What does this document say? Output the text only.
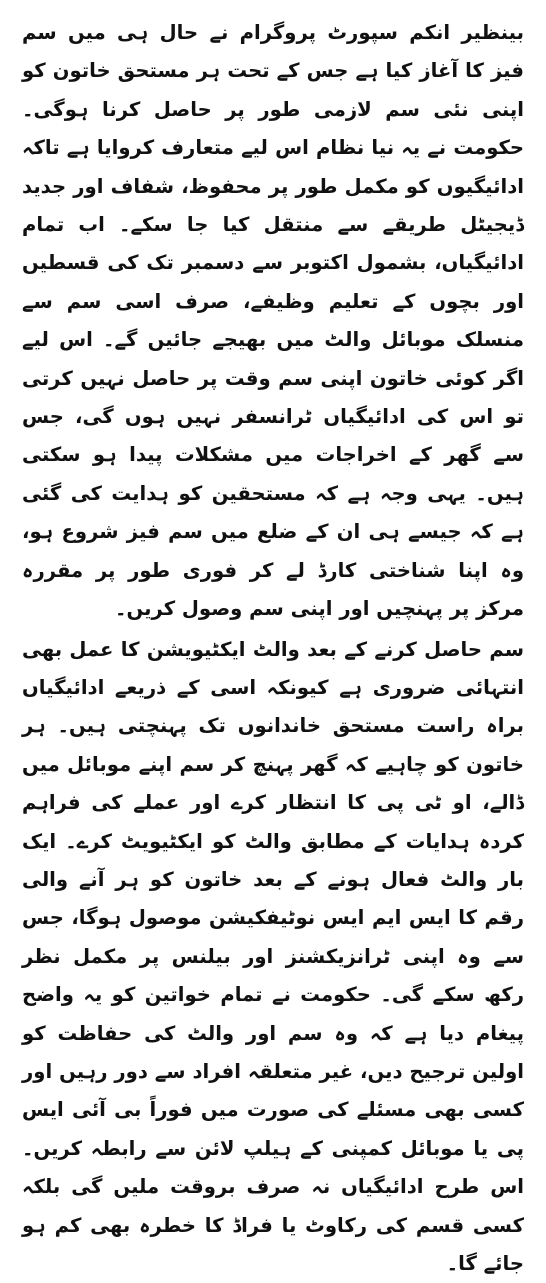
بینظیر انکم سپورٹ پروگرام نے حال ہی میں سم فیز کا آغاز کیا ہے جس کے تحت ہر مستحق خاتون کو اپنی نئی سم لازمی طور پر حاصل کرنا ہوگی۔ حکومت نے یہ نیا نظام اس لیے متعارف کروایا ہے تاکہ ادائیگیوں کو مکمل طور پر محفوظ، شفاف اور جدید ڈیجیٹل طریقے سے منتقل کیا جا سکے۔ اب تمام ادائیگیاں، بشمول اکتوبر سے دسمبر تک کی قسطیں اور بچوں کے تعلیم وظیفے، صرف اسی سم سے منسلک موبائل والٹ میں بھیجے جائیں گے۔ اس لیے اگر کوئی خاتون اپنی سم وقت پر حاصل نہیں کرتی تو اس کی ادائیگیاں ٹرانسفر نہیں ہوں گی، جس سے گھر کے اخراجات میں مشکلات پیدا ہو سکتی ہیں۔ یہی وجہ ہے کہ مستحقین کو ہدایت کی گئی ہے کہ جیسے ہی ان کے ضلع میں سم فیز شروع ہو، وہ اپنا شناختی کارڈ لے کر فوری طور پر مقررہ مرکز پر پہنچیں اور اپنی سم وصول کریں۔

سم حاصل کرنے کے بعد والٹ ایکٹیویشن کا عمل بھی انتہائی ضروری ہے کیونکہ اسی کے ذریعے ادائیگیاں براہ راست مستحق خاندانوں تک پہنچتی ہیں۔ ہر خاتون کو چاہیے کہ گھر پہنچ کر سم اپنے موبائل میں ڈالے، او ٹی پی کا انتظار کرے اور عملے کی فراہم کردہ ہدایات کے مطابق والٹ کو ایکٹیویٹ کرے۔ ایک بار والٹ فعال ہونے کے بعد خاتون کو ہر آنے والی رقم کا ایس ایم ایس نوٹیفکیشن موصول ہوگا، جس سے وہ اپنی ٹرانزیکشنز اور بیلنس پر مکمل نظر رکھ سکے گی۔ حکومت نے تمام خواتین کو یہ واضح پیغام دیا ہے کہ وہ سم اور والٹ کی حفاظت کو اولین ترجیح دیں، غیر متعلقہ افراد سے دور رہیں اور کسی بھی مسئلے کی صورت میں فوراً بی آئی ایس پی یا موبائل کمپنی کے ہیلپ لائن سے رابطہ کریں۔ اس طرح ادائیگیاں نہ صرف بروقت ملیں گی بلکہ کسی قسم کی رکاوٹ یا فراڈ کا خطرہ بھی کم ہو جائے گا۔
